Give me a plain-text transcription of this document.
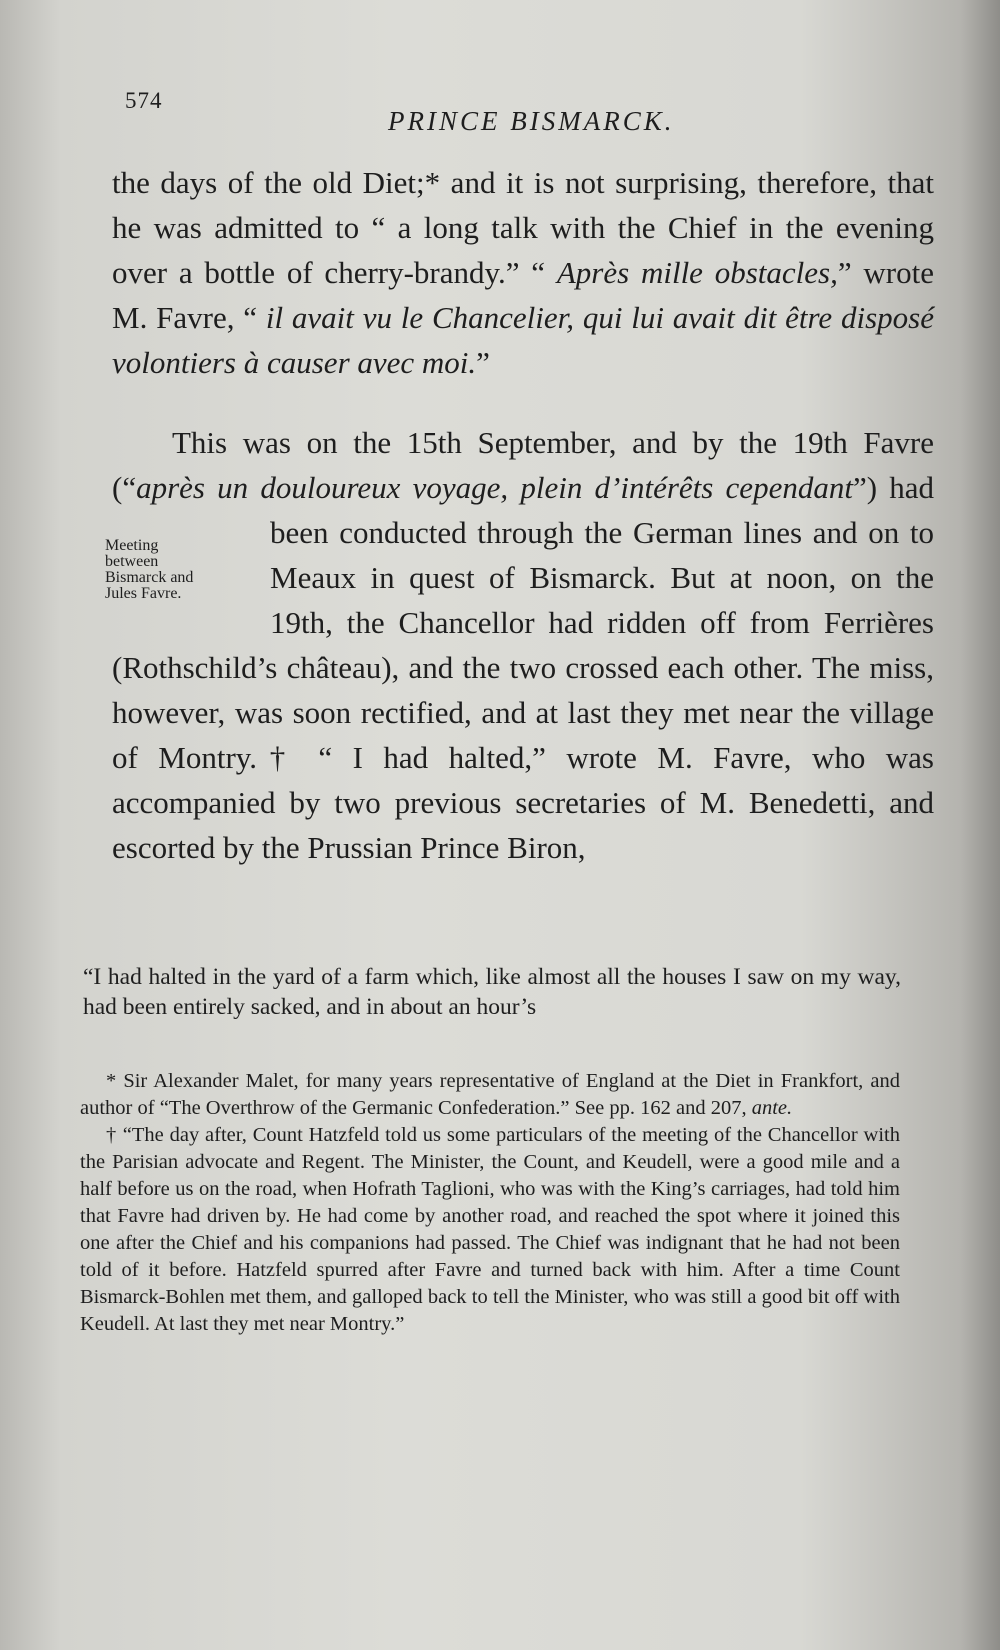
574
PRINCE BISMARCK.

the days of the old Diet;* and it is not surprising, therefore, that he was admitted to “ a long talk with the Chief in the evening over a bottle of cherry-brandy.” “ Après mille obstacles,” wrote M. Favre, “ il avait vu le Chancelier, qui lui avait dit être disposé volontiers à causer avec moi.”

Meeting
between
Bismarck and
Jules Favre.

This was on the 15th September, and by the 19th Favre (“après un douloureux voyage, plein d’intérêts cependant”) had been conducted through the German lines and on to Meaux in quest of Bismarck. But at noon, on the 19th, the Chancellor had ridden off from Ferrières (Rothschild’s château), and the two crossed each other. The miss, however, was soon rectified, and at last they met near the village of Montry.† “ I had halted,” wrote M. Favre, who was accompanied by two previous secretaries of M. Benedetti, and escorted by the Prussian Prince Biron,

“I had halted in the yard of a farm which, like almost all the houses I saw on my way, had been entirely sacked, and in about an hour’s

* Sir Alexander Malet, for many years representative of England at the Diet in Frankfort, and author of “The Overthrow of the Germanic Confederation.” See pp. 162 and 207, ante.

† “The day after, Count Hatzfeld told us some particulars of the meeting of the Chancellor with the Parisian advocate and Regent. The Minister, the Count, and Keudell, were a good mile and a half before us on the road, when Hofrath Taglioni, who was with the King’s carriages, had told him that Favre had driven by. He had come by another road, and reached the spot where it joined this one after the Chief and his companions had passed. The Chief was indignant that he had not been told of it before. Hatzfeld spurred after Favre and turned back with him. After a time Count Bismarck-Bohlen met them, and galloped back to tell the Minister, who was still a good bit off with Keudell. At last they met near Montry.”
